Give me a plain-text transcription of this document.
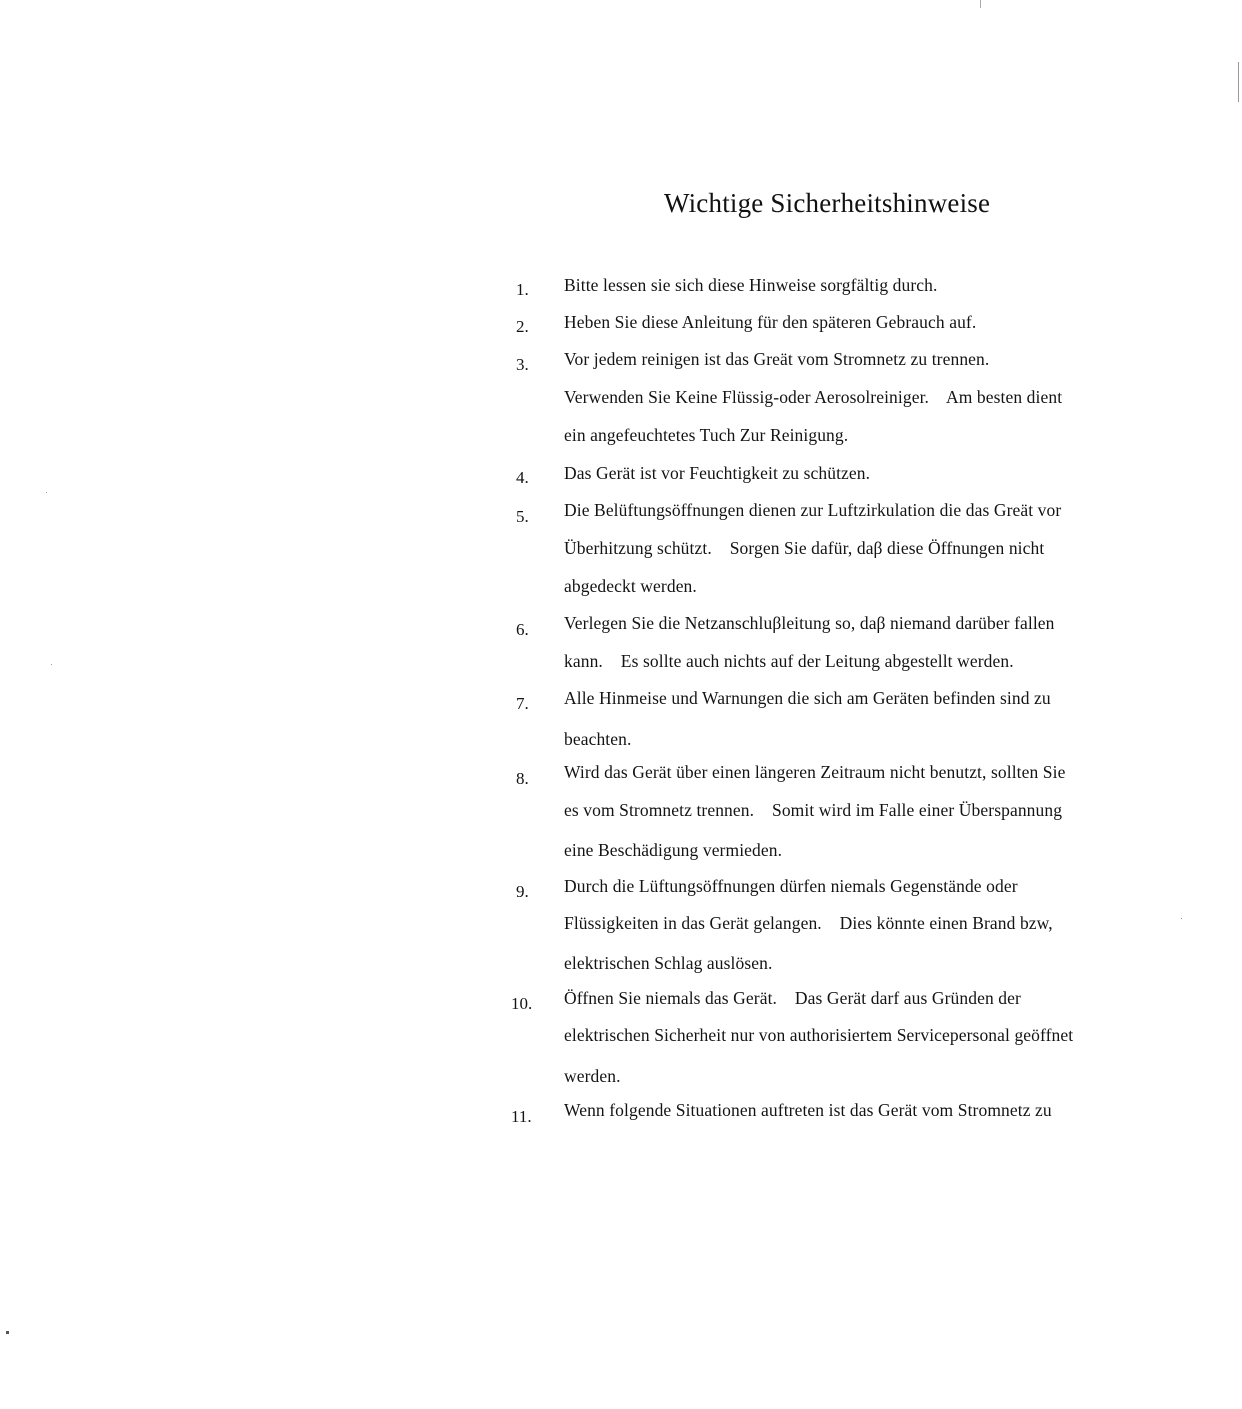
Wichtige Sicherheitshinweise
1.	Bitte lessen sie sich diese Hinweise sorgfältig durch.
2.	Heben Sie diese Anleitung für den späteren Gebrauch auf.
3.	Vor jedem reinigen ist das Greät vom Stromnetz zu trennen.
Verwenden Sie Keine Flüssig-oder Aerosolreiniger.    Am besten dient
ein angefeuchtetes Tuch Zur Reinigung.
4.	Das Gerät ist vor Feuchtigkeit zu schützen.
5.	Die Belüftungsöffnungen dienen zur Luftzirkulation die das Greät vor
Überhitzung schützt.    Sorgen Sie dafür, daβ diese Öffnungen nicht
abgedeckt werden.
6.	Verlegen Sie die Netzanschluβleitung so, daβ niemand darüber fallen
kann.    Es sollte auch nichts auf der Leitung abgestellt werden.
7.	Alle Hinmeise und Warnungen die sich am Geräten befinden sind zu
beachten.
8.	Wird das Gerät über einen längeren Zeitraum nicht benutzt, sollten Sie
es vom Stromnetz trennen.    Somit wird im Falle einer Überspannung
eine Beschädigung vermieden.
9.	Durch die Lüftungsöffnungen dürfen niemals Gegenstände oder
Flüssigkeiten in das Gerät gelangen.    Dies könnte einen Brand bzw,
elektrischen Schlag auslösen.
10.	Öffnen Sie niemals das Gerät.    Das Gerät darf aus Gründen der
elektrischen Sicherheit nur von authorisiertem Servicepersonal geöffnet
werden.
11.	Wenn folgende Situationen auftreten ist das Gerät vom Stromnetz zu
